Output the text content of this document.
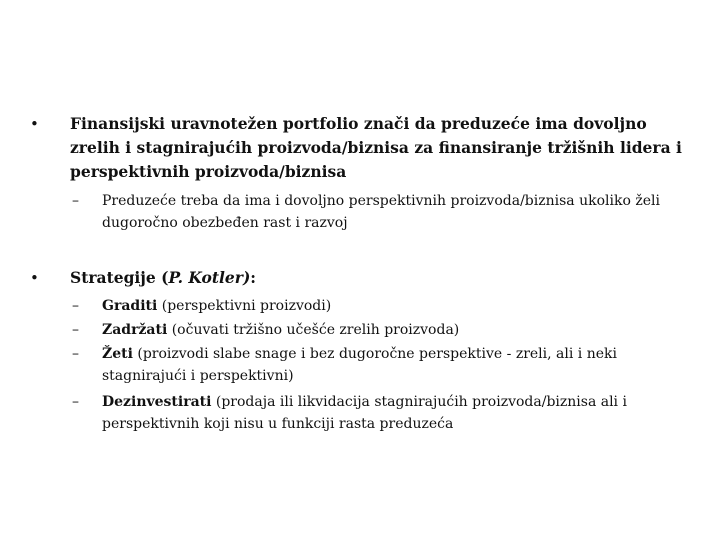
• Finansijski uravnotežen portfolio znači da preduzeće ima dovoljno zrelih i stagnirajućih proizvoda/biznisa za finansiranje tržišnih lidera i perspektivnih proizvoda/biznisa
– Preduzeće treba da ima i dovoljno perspektivnih proizvoda/biznisa ukoliko želi dugoročno obezbeđen rast i razvoj
• Strategije (P. Kotler):
– Graditi (perspektivni proizvodi)
– Zadržati (očuvati tržišno učešće zrelih proizvoda)
– Žeti (proizvodi slabe snage i bez dugoročne perspektive - zreli, ali i neki stagnirajući i perspektivni)
– Dezinvestirati (prodaja ili likvidacija stagnirajućih proizvoda/biznisa ali i perspektivnih koji nisu u funkciji rasta preduzeća
